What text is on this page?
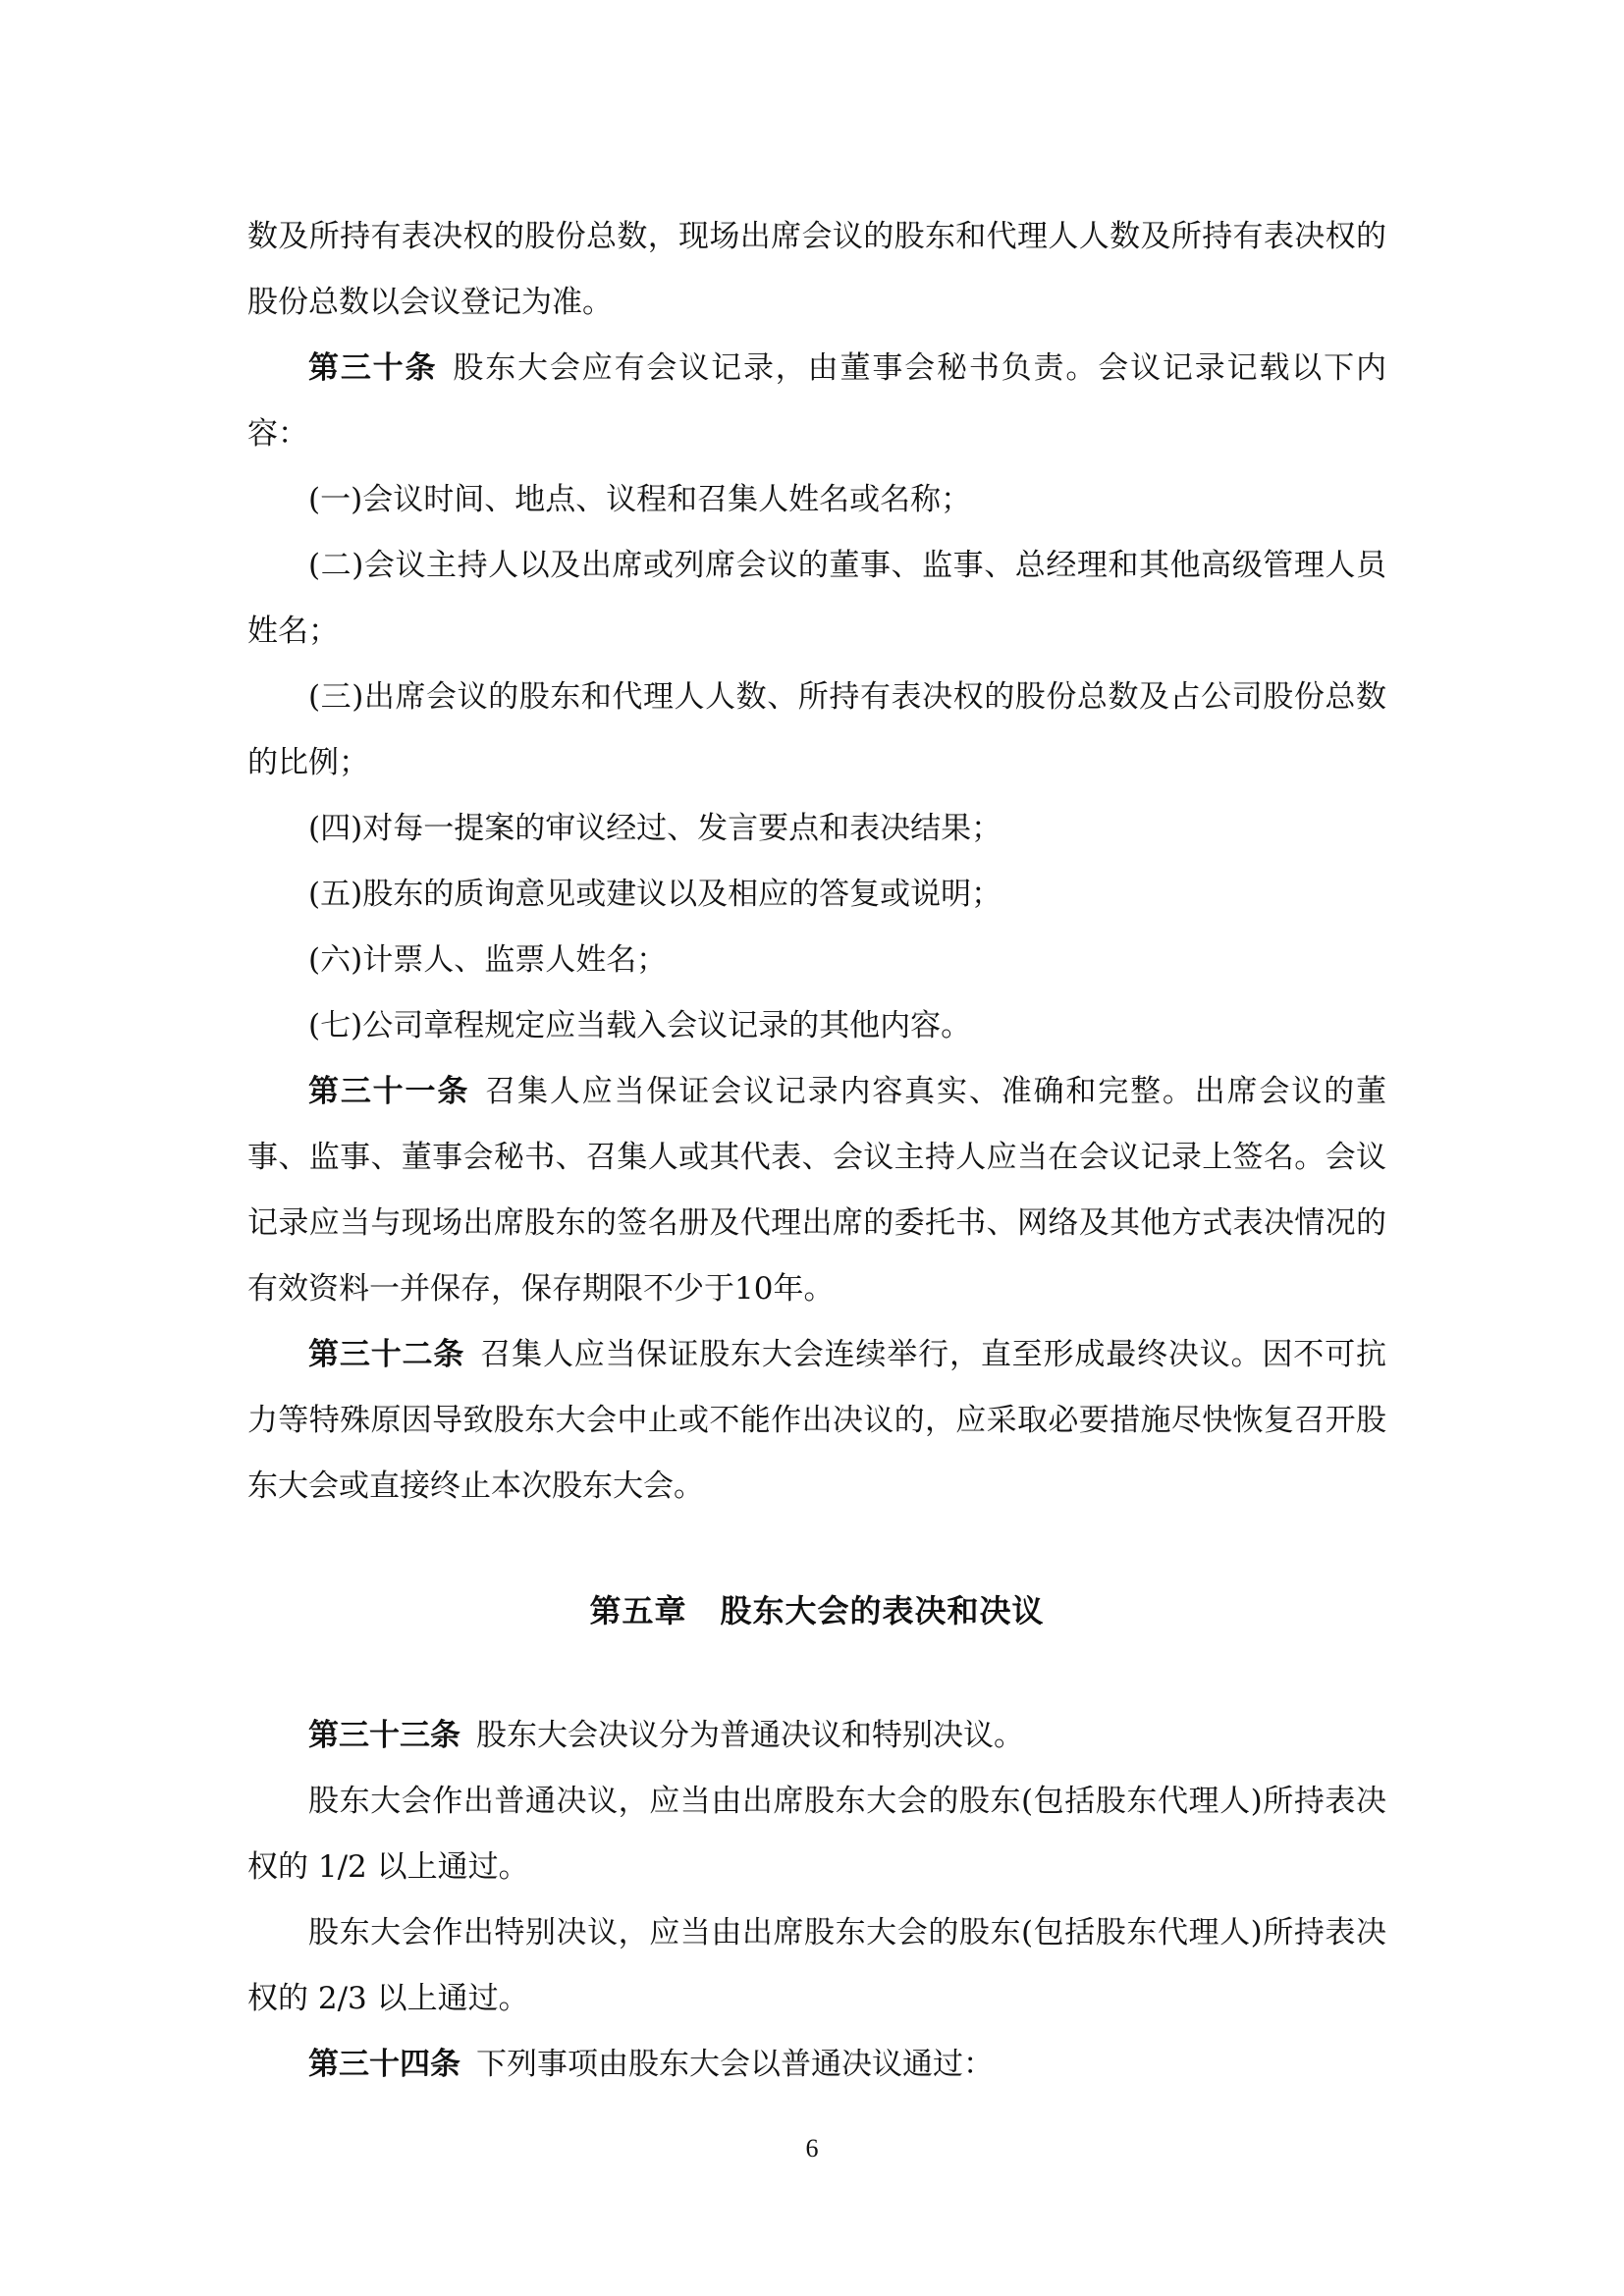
数及所持有表决权的股份总数，现场出席会议的股东和代理人人数及所持有表决权的股份总数以会议登记为准。

第三十条 股东大会应有会议记录，由董事会秘书负责。会议记录记载以下内容：

(一)会议时间、地点、议程和召集人姓名或名称；

(二)会议主持人以及出席或列席会议的董事、监事、总经理和其他高级管理人员姓名；

(三)出席会议的股东和代理人人数、所持有表决权的股份总数及占公司股份总数的比例；

(四)对每一提案的审议经过、发言要点和表决结果；

(五)股东的质询意见或建议以及相应的答复或说明；

(六)计票人、监票人姓名；

(七)公司章程规定应当载入会议记录的其他内容。

第三十一条 召集人应当保证会议记录内容真实、准确和完整。出席会议的董事、监事、董事会秘书、召集人或其代表、会议主持人应当在会议记录上签名。会议记录应当与现场出席股东的签名册及代理出席的委托书、网络及其他方式表决情况的有效资料一并保存，保存期限不少于10年。

第三十二条 召集人应当保证股东大会连续举行，直至形成最终决议。因不可抗力等特殊原因导致股东大会中止或不能作出决议的，应采取必要措施尽快恢复召开股东大会或直接终止本次股东大会。

第五章 股东大会的表决和决议

第三十三条 股东大会决议分为普通决议和特别决议。

股东大会作出普通决议，应当由出席股东大会的股东(包括股东代理人)所持表决权的 1/2 以上通过。

股东大会作出特别决议，应当由出席股东大会的股东(包括股东代理人)所持表决权的 2/3 以上通过。

第三十四条 下列事项由股东大会以普通决议通过：

6
